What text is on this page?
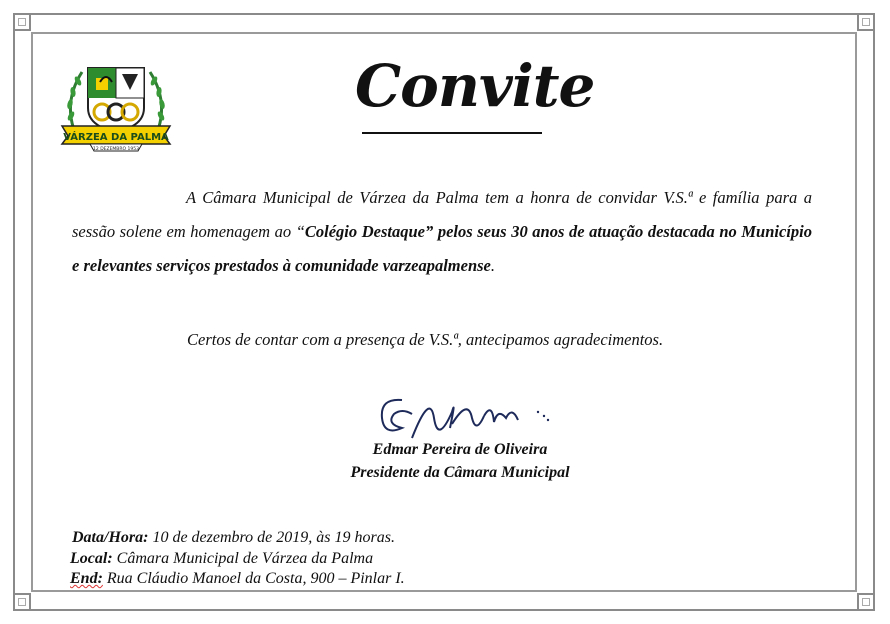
VÁRZEA DA PALMA
12 DEZEMBRO 1953
Convite
A Câmara Municipal de Várzea da Palma tem a honra de convidar V.S.ª e família para a sessão solene em homenagem ao “Colégio Destaque” pelos seus 30 anos de atuação destacada no Município e relevantes serviços prestados à comunidade varzeapalmense.
Certos de contar com a presença de V.S.ª, antecipamos agradecimentos.
Edmar Pereira de Oliveira
Presidente da Câmara Municipal
Data/Hora: 10 de dezembro de 2019, às 19 horas.
Local: Câmara Municipal de Várzea da Palma
End: Rua Cláudio Manoel da Costa, 900 – Pinlar I.
